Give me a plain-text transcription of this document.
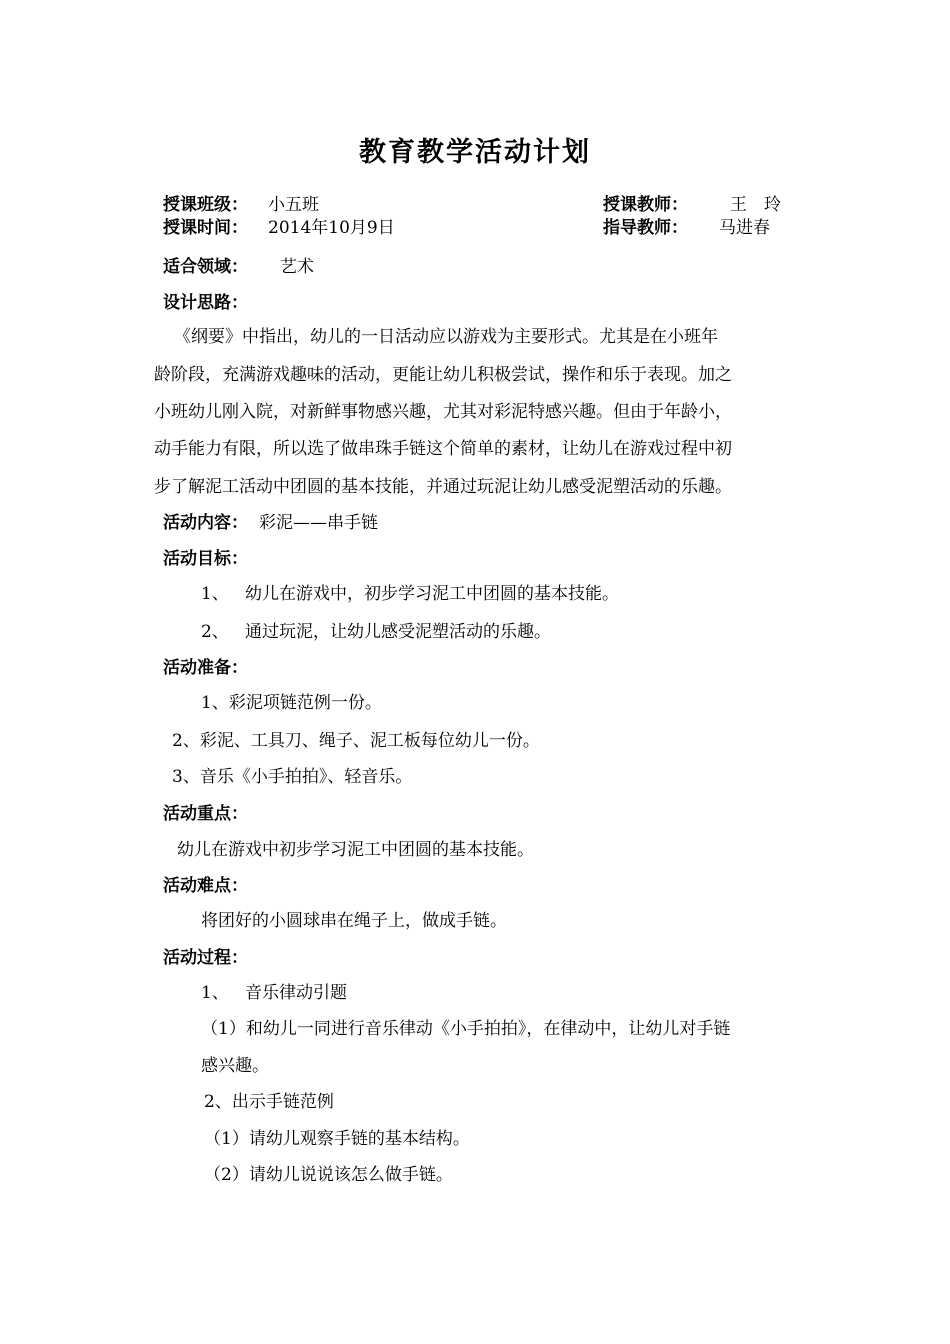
教育教学活动计划
授课班级： 小五班	授课教师： 王　玲
授课时间： 2014年10月9日	指导教师： 马进春
适合领域： 艺术
设计思路：
《纲要》中指出，幼儿的一日活动应以游戏为主要形式。尤其是在小班年
龄阶段，充满游戏趣味的活动，更能让幼儿积极尝试，操作和乐于表现。加之
小班幼儿刚入院，对新鲜事物感兴趣，尤其对彩泥特感兴趣。但由于年龄小，
动手能力有限，所以选了做串珠手链这个简单的素材，让幼儿在游戏过程中初
步了解泥工活动中团圆的基本技能，并通过玩泥让幼儿感受泥塑活动的乐趣。
活动内容： 彩泥——串手链
活动目标：
1、 幼儿在游戏中，初步学习泥工中团圆的基本技能。
2、 通过玩泥，让幼儿感受泥塑活动的乐趣。
活动准备：
1、彩泥项链范例一份。
2、彩泥、工具刀、绳子、泥工板每位幼儿一份。
3、音乐《小手拍拍》、轻音乐。
活动重点：
幼儿在游戏中初步学习泥工中团圆的基本技能。
活动难点：
将团好的小圆球串在绳子上，做成手链。
活动过程：
1、 音乐律动引题
（1）和幼儿一同进行音乐律动《小手拍拍》，在律动中，让幼儿对手链
感兴趣。
2、出示手链范例
（1）请幼儿观察手链的基本结构。
（2）请幼儿说说该怎么做手链。
